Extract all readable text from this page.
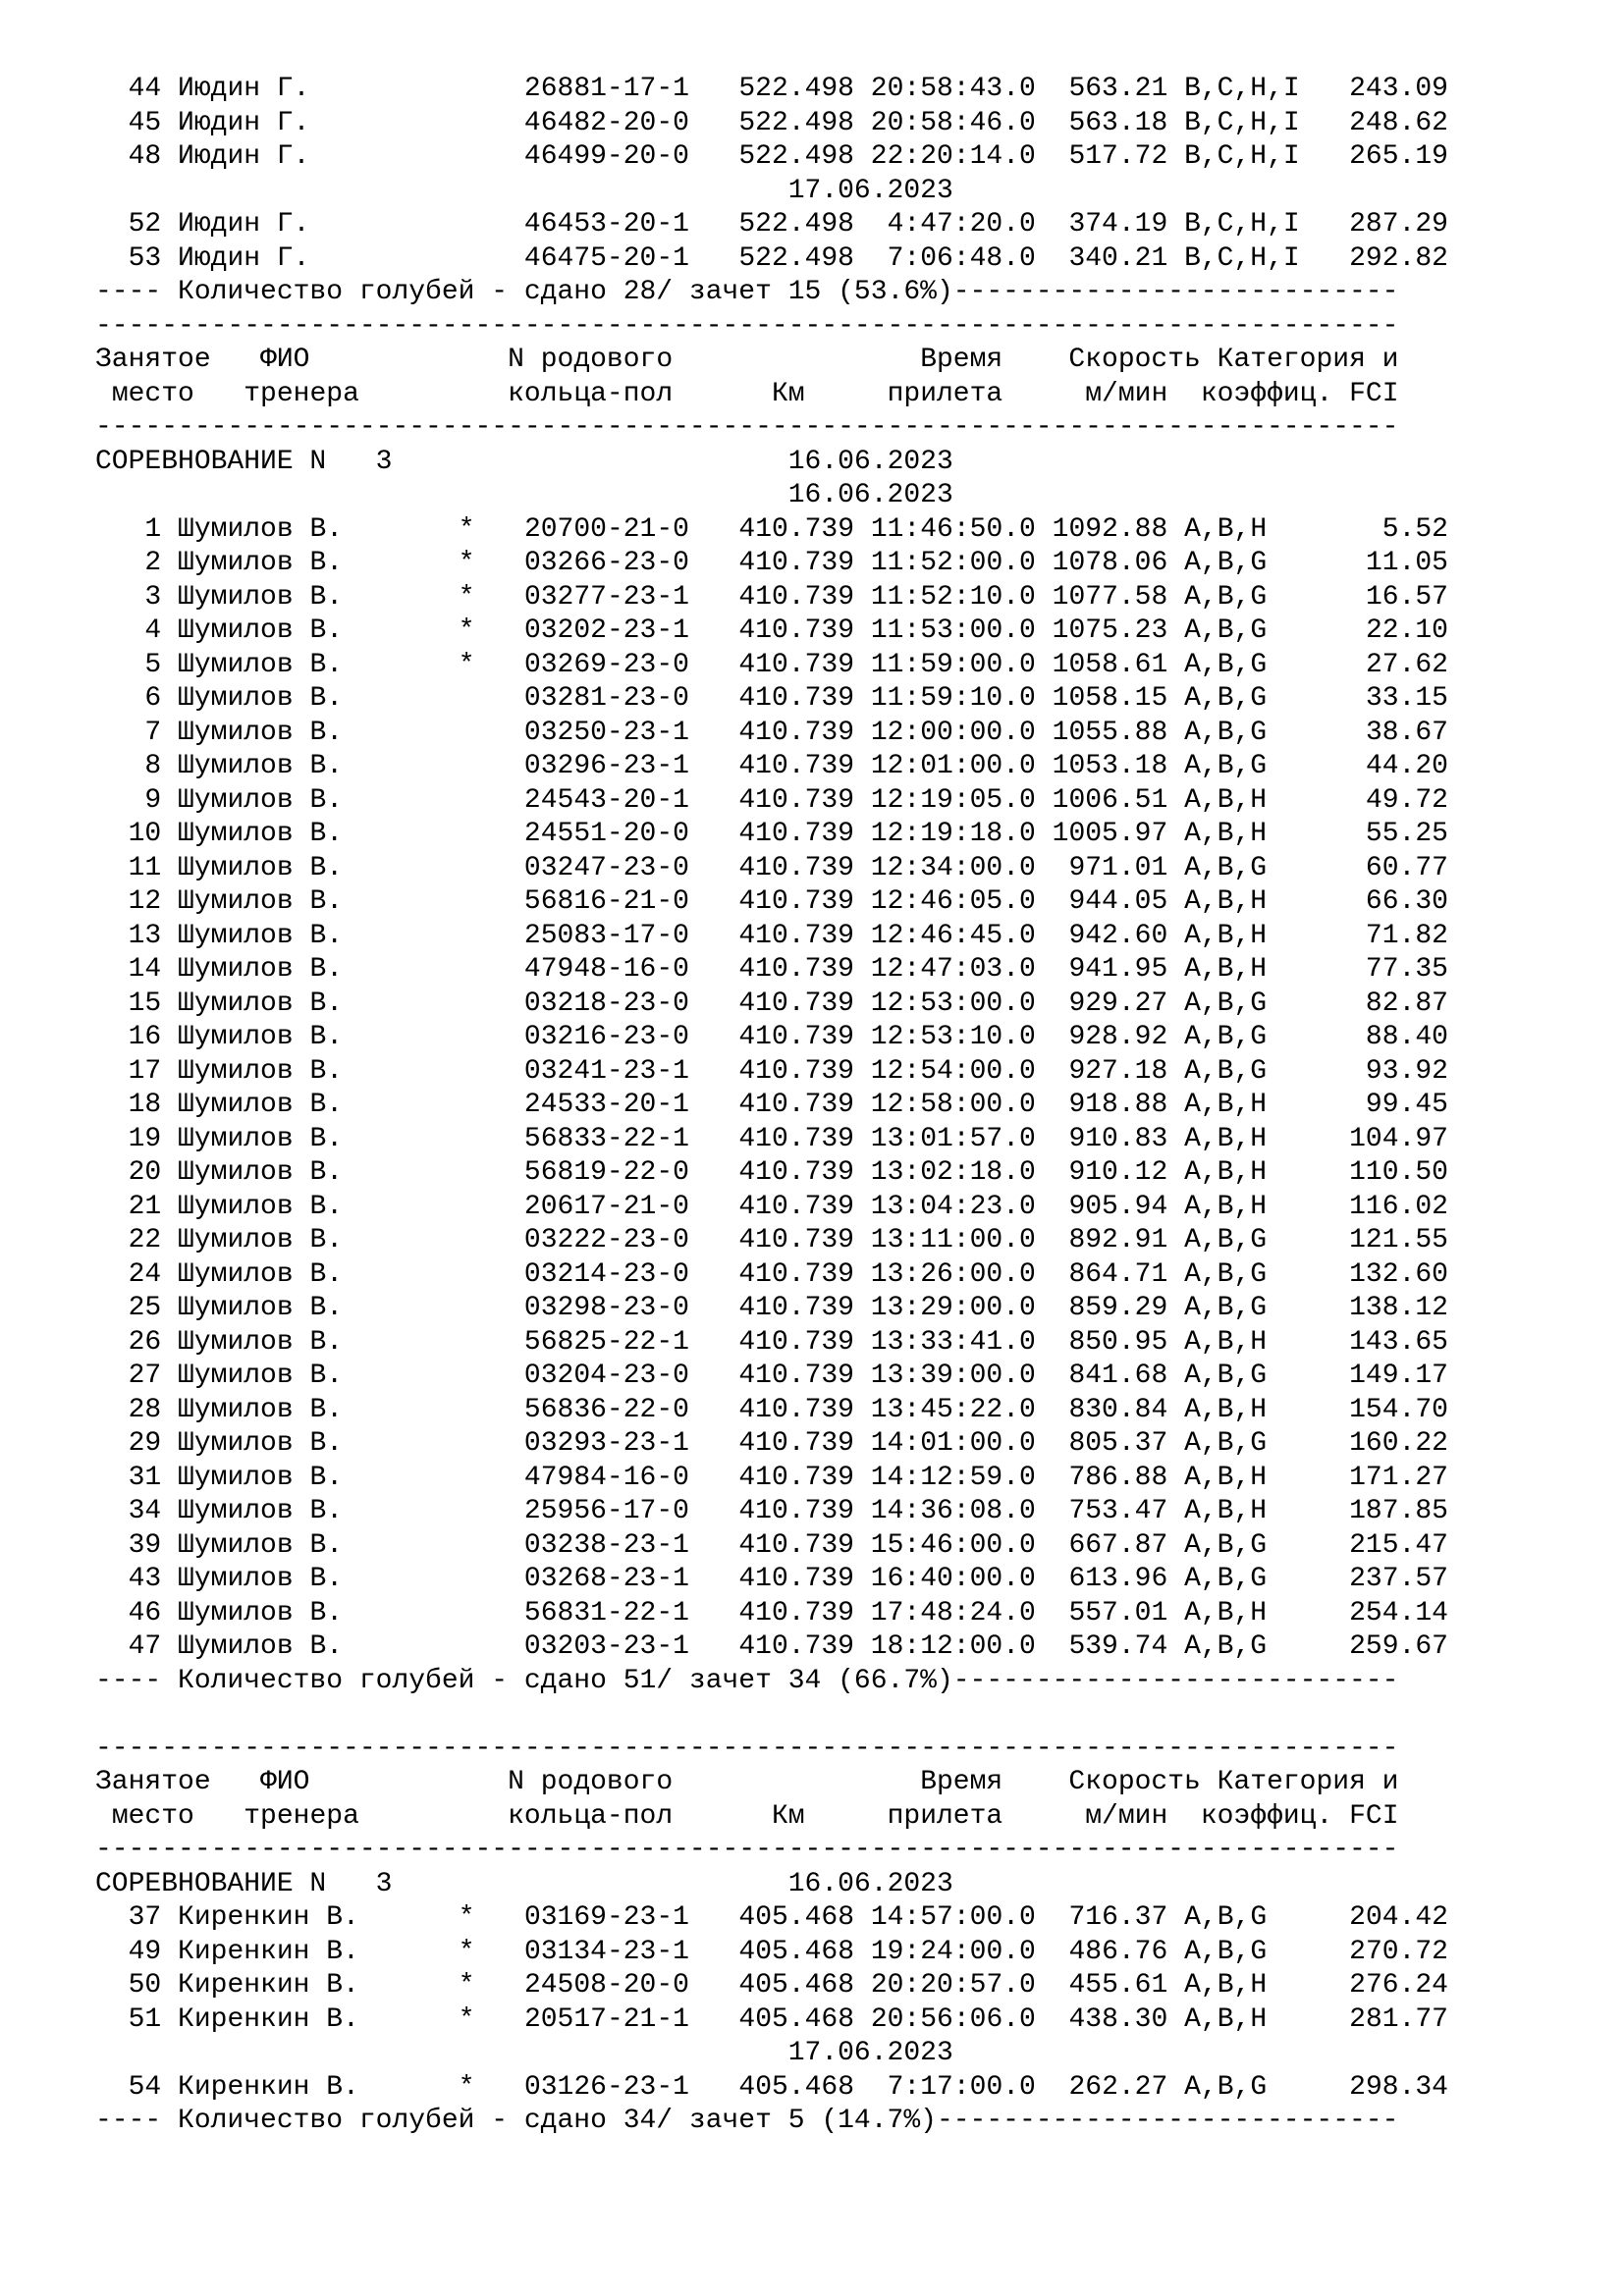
44 Июдин Г.	26881-17-1 522.498 20:58:43.0 563.21 B,C,H,I 243.09
45 Июдин Г.	46482-20-0 522.498 20:58:46.0 563.18 B,C,H,I 248.62
48 Июдин Г.	46499-20-0 522.498 22:20:14.0 517.72 B,C,H,I 265.19
17.06.2023
52 Июдин Г.	46453-20-1 522.498 4:47:20.0 374.19 B,C,H,I 287.29
53 Июдин Г.	46475-20-1 522.498 7:06:48.0 340.21 B,C,H,I 292.82
---- Количество голубей - сдано 28/ зачет 15 (53.6%)---------------------------
-------------------------------------------------------------------------------
Занятое ФИО	N родового	Время Скорость Категория и
место тренера	кольца-пол	Км	прилета	м/мин коэффиц. FCI
-------------------------------------------------------------------------------
СОРЕВНОВАНИЕ N 3	16.06.2023
16.06.2023
1 Шумилов В.	* 20700-21-0 410.739 11:46:50.0 1092.88 A,B,H	5.52
2 Шумилов В.	* 03266-23-0 410.739 11:52:00.0 1078.06 A,B,G	11.05
3 Шумилов В.	* 03277-23-1 410.739 11:52:10.0 1077.58 A,B,G	16.57
4 Шумилов В.	* 03202-23-1 410.739 11:53:00.0 1075.23 A,B,G	22.10
5 Шумилов В.	* 03269-23-0 410.739 11:59:00.0 1058.61 A,B,G	27.62
6 Шумилов В.	03281-23-0 410.739 11:59:10.0 1058.15 A,B,G	33.15
7 Шумилов В.	03250-23-1 410.739 12:00:00.0 1055.88 A,B,G	38.67
8 Шумилов В.	03296-23-1 410.739 12:01:00.0 1053.18 A,B,G	44.20
9 Шумилов В.	24543-20-1 410.739 12:19:05.0 1006.51 A,B,H	49.72
10 Шумилов В.	24551-20-0 410.739 12:19:18.0 1005.97 A,B,H	55.25
11 Шумилов В.	03247-23-0 410.739 12:34:00.0 971.01 A,B,G	60.77
12 Шумилов В.	56816-21-0 410.739 12:46:05.0 944.05 A,B,H	66.30
13 Шумилов В.	25083-17-0 410.739 12:46:45.0 942.60 A,B,H	71.82
14 Шумилов В.	47948-16-0 410.739 12:47:03.0 941.95 A,B,H	77.35
15 Шумилов В.	03218-23-0 410.739 12:53:00.0 929.27 A,B,G	82.87
16 Шумилов В.	03216-23-0 410.739 12:53:10.0 928.92 A,B,G	88.40
17 Шумилов В.	03241-23-1 410.739 12:54:00.0 927.18 A,B,G	93.92
18 Шумилов В.	24533-20-1 410.739 12:58:00.0 918.88 A,B,H	99.45
19 Шумилов В.	56833-22-1 410.739 13:01:57.0 910.83 A,B,H	104.97
20 Шумилов В.	56819-22-0 410.739 13:02:18.0 910.12 A,B,H	110.50
21 Шумилов В.	20617-21-0 410.739 13:04:23.0 905.94 A,B,H	116.02
22 Шумилов В.	03222-23-0 410.739 13:11:00.0 892.91 A,B,G	121.55
24 Шумилов В.	03214-23-0 410.739 13:26:00.0 864.71 A,B,G	132.60
25 Шумилов В.	03298-23-0 410.739 13:29:00.0 859.29 A,B,G	138.12
26 Шумилов В.	56825-22-1 410.739 13:33:41.0 850.95 A,B,H	143.65
27 Шумилов В.	03204-23-0 410.739 13:39:00.0 841.68 A,B,G	149.17
28 Шумилов В.	56836-22-0 410.739 13:45:22.0 830.84 A,B,H	154.70
29 Шумилов В.	03293-23-1 410.739 14:01:00.0 805.37 A,B,G	160.22
31 Шумилов В.	47984-16-0 410.739 14:12:59.0 786.88 A,B,H	171.27
34 Шумилов В.	25956-17-0 410.739 14:36:08.0 753.47 A,B,H	187.85
39 Шумилов В.	03238-23-1 410.739 15:46:00.0 667.87 A,B,G	215.47
43 Шумилов В.	03268-23-1 410.739 16:40:00.0 613.96 A,B,G	237.57
46 Шумилов В.	56831-22-1 410.739 17:48:24.0 557.01 A,B,H	254.14
47 Шумилов В.	03203-23-1 410.739 18:12:00.0 539.74 A,B,G	259.67
---- Количество голубей - сдано 51/ зачет 34 (66.7%)---------------------------
-------------------------------------------------------------------------------
Занятое ФИО	N родового	Время Скорость Категория и
место тренера	кольца-пол	Км	прилета	м/мин коэффиц. FCI
-------------------------------------------------------------------------------
СОРЕВНОВАНИЕ N 3	16.06.2023
37 Киренкин В.	* 03169-23-1 405.468 14:57:00.0 716.37 A,B,G	204.42
49 Киренкин В.	* 03134-23-1 405.468 19:24:00.0 486.76 A,B,G	270.72
50 Киренкин В.	* 24508-20-0 405.468 20:20:57.0 455.61 A,B,H	276.24
51 Киренкин В.	* 20517-21-1 405.468 20:56:06.0 438.30 A,B,H	281.77
17.06.2023
54 Киренкин В.	* 03126-23-1 405.468 7:17:00.0 262.27 A,B,G	298.34
---- Количество голубей - сдано 34/ зачет 5 (14.7%)----------------------------
